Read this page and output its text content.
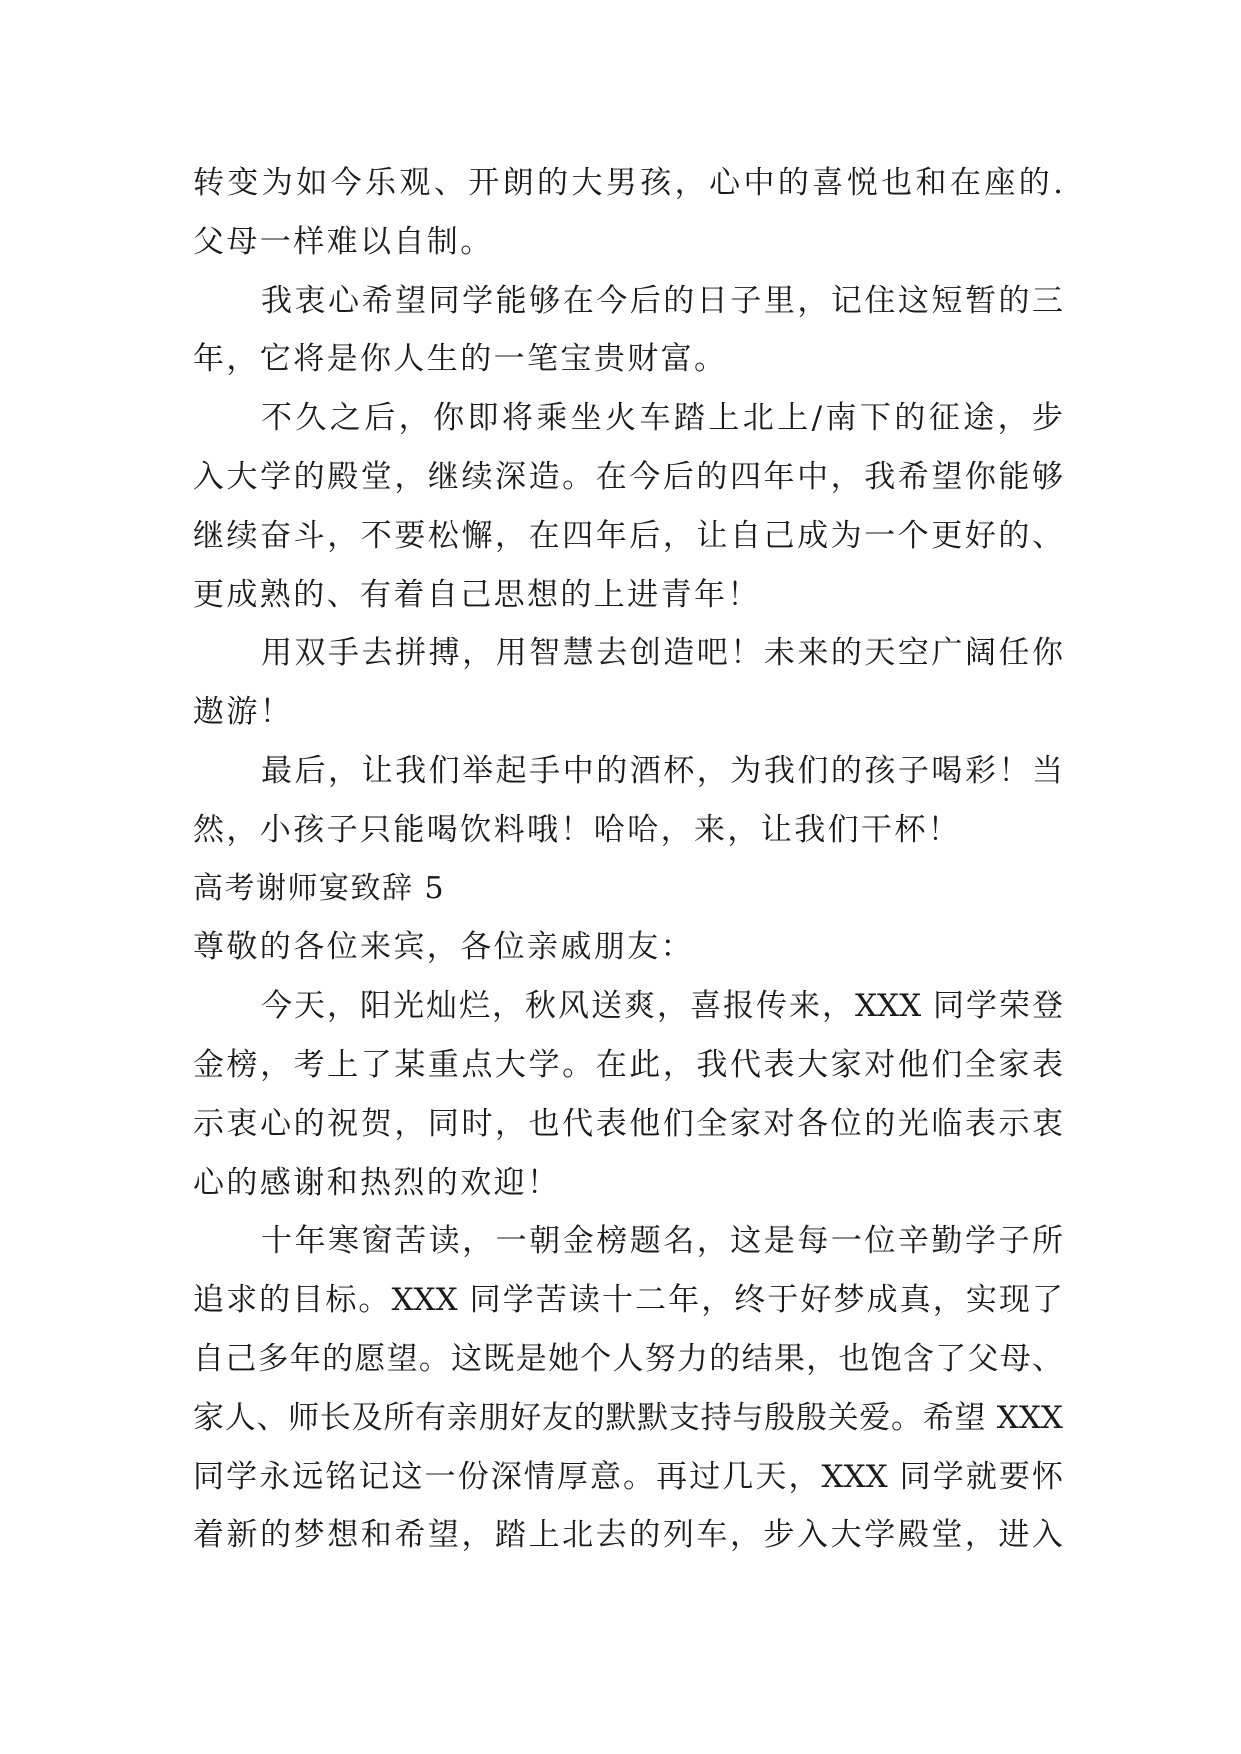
转变为如今乐观、开朗的大男孩，心中的喜悦也和在座的.
父母一样难以自制。
我衷心希望同学能够在今后的日子里，记住这短暂的三
年，它将是你人生的一笔宝贵财富。
不久之后，你即将乘坐火车踏上北上/南下的征途，步
入大学的殿堂，继续深造。在今后的四年中，我希望你能够
继续奋斗，不要松懈，在四年后，让自己成为一个更好的、
更成熟的、有着自己思想的上进青年！
用双手去拼搏，用智慧去创造吧！未来的天空广阔任你
遨游！
最后，让我们举起手中的酒杯，为我们的孩子喝彩！当
然，小孩子只能喝饮料哦！哈哈，来，让我们干杯！
高考谢师宴致辞 5
尊敬的各位来宾，各位亲戚朋友：
今天，阳光灿烂，秋风送爽，喜报传来，XXX 同学荣登
金榜，考上了某重点大学。在此，我代表大家对他们全家表
示衷心的祝贺，同时，也代表他们全家对各位的光临表示衷
心的感谢和热烈的欢迎！
十年寒窗苦读，一朝金榜题名，这是每一位辛勤学子所
追求的目标。XXX 同学苦读十二年，终于好梦成真，实现了
自己多年的愿望。这既是她个人努力的结果，也饱含了父母、
家人、师长及所有亲朋好友的默默支持与殷殷关爱。希望 XXX
同学永远铭记这一份深情厚意。再过几天，XXX 同学就要怀
着新的梦想和希望，踏上北去的列车，步入大学殿堂，进入
